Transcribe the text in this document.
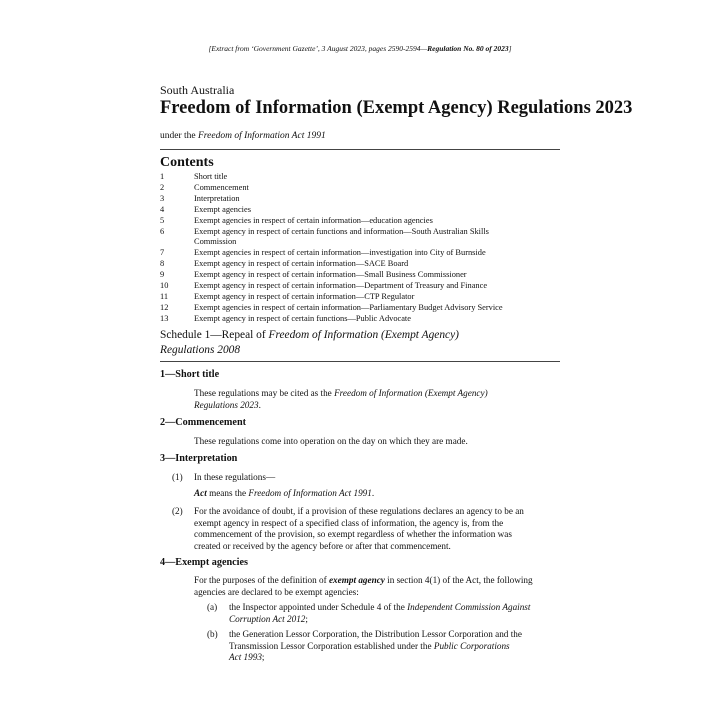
[Extract from ‘Government Gazette’, 3 August 2023, pages 2590-2594—Regulation No. 80 of 2023]
South Australia
Freedom of Information (Exempt Agency) Regulations 2023
under the Freedom of Information Act 1991
Contents
1	Short title
2	Commencement
3	Interpretation
4	Exempt agencies
5	Exempt agencies in respect of certain information—education agencies
6	Exempt agency in respect of certain functions and information—South Australian Skills
Commission
7	Exempt agencies in respect of certain information—investigation into City of Burnside
8	Exempt agency in respect of certain information—SACE Board
9	Exempt agency in respect of certain information—Small Business Commissioner
10	Exempt agency in respect of certain information—Department of Treasury and Finance
11	Exempt agency in respect of certain information—CTP Regulator
12	Exempt agencies in respect of certain information—Parliamentary Budget Advisory Service
13	Exempt agency in respect of certain functions—Public Advocate
Schedule 1—Repeal of Freedom of Information (Exempt Agency)
Regulations 2008
1—Short title
These regulations may be cited as the Freedom of Information (Exempt Agency)
Regulations 2023.
2—Commencement
These regulations come into operation on the day on which they are made.
3—Interpretation
(1) In these regulations—
Act means the Freedom of Information Act 1991.
(2) For the avoidance of doubt, if a provision of these regulations declares an agency to be an
exempt agency in respect of a specified class of information, the agency is, from the
commencement of the provision, so exempt regardless of whether the information was
created or received by the agency before or after that commencement.
4—Exempt agencies
For the purposes of the definition of exempt agency in section 4(1) of the Act, the following
agencies are declared to be exempt agencies:
(a) the Inspector appointed under Schedule 4 of the Independent Commission Against
Corruption Act 2012;
(b) the Generation Lessor Corporation, the Distribution Lessor Corporation and the
Transmission Lessor Corporation established under the Public Corporations
Act 1993;
